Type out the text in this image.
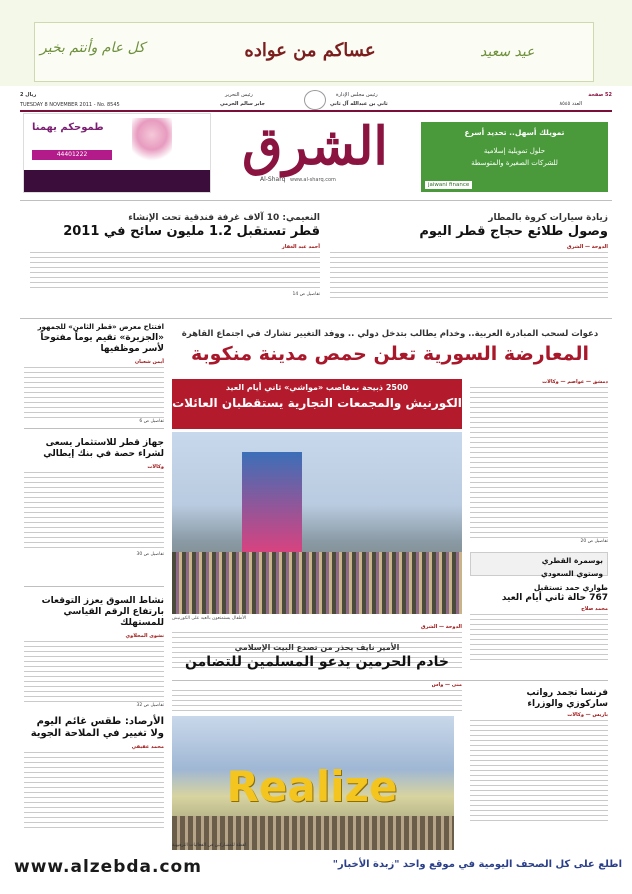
كل عام وأنتم بخير	عساكم من عواده	عيد سعيد
2 ريال
TUESDAY 8 NOVEMBER 2011 - No. 8545
رئيس التحرير
جابر سالم الحرمي
رئيس مجلس الإدارة
ثاني بن عبدالله آل ثاني
52 صفحة
العدد ٨٥٤٥
طموحكم يهمنا
44401222	الشرق
Al-Sharq www.al-sharq.com
تمويلك أسهل.. تحديد أسرع
حلول تمويلية إسلامية
للشركات الصغيرة والمتوسطة
jaiwani finance
زيادة سيارات كروة بالمطار
وصول طلائع حجاج قطر اليوم
الدوحة — الشرق
النعيمي: 10 آلاف غرفة فندقية تحت الإنشاء
قطر تستقبل 1.2 مليون سائح في 2011
أحمد عبد الغفار
تفاصيل ص 14
افتتاح معرض «قطر الثامن» للجمهور
«الجزيرة» تقيم يوماً مفتوحاً لأسر موظفيها
أيمن شعبان
تفاصيل ص 6
جهاز قطر للاستثمار يسعى لشراء حصة في بنك إيطالي
وكالات
تفاصيل ص 30
نشاط السوق يعزز التوقعات بارتفاع الرقم القياسي للمستهلك
نشوى المحلاوي
تفاصيل ص 32
دعوات لسحب المبادرة العربية.. وخدام يطالب بتدخل دولي .. ووفد التغيير تشارك في اجتماع القاهرة
المعارضة السورية تعلن حمص مدينة منكوبة
دمشق — عواصم — وكالات
تفاصيل ص 20
2500 ذبيحة بمقاصب «مواشي» ثاني أيام العيد
الكورنيش والمجمعات التجارية يستقطبان العائلات
الأطفال يستمتعون بالعيد على الكورنيش
الدوحة — الشرق
بوسمرة القطري
وستوي السعودي
طواري حمد تستقبل
767 حالة ثاني أيام العيد
محمد صلاح
الأمير نايف يحذر من تصدع البيت الإسلامي
خادم الحرمين يدعو المسلمين للتضامن
فرنسا تجمد رواتب
ساركوزي والوزراء
باريس — وكالات
منى — واس
الأرصاد: طقس غائم اليوم
ولا تغيير في الملاحة الجوية
محمد عفيفي
Realize
www.alzebda.com	اطلع على كل الصحف اليومية في موقع واحد "زبدة الأخبار"
لقطة للمشاركين في الفعاليات الترفيهية
